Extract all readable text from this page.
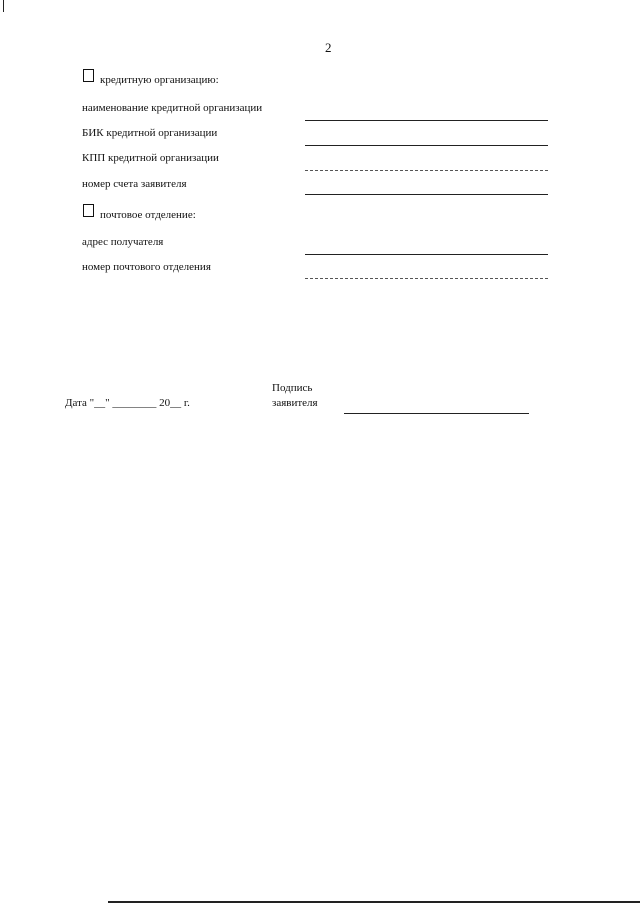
2
кредитную организацию:
наименование кредитной организации
БИК кредитной организации
КПП кредитной организации
номер счета заявителя
почтовое отделение:
адрес получателя
номер почтового отделения
Дата "__" ________ 20__ г.
Подпись
заявителя
